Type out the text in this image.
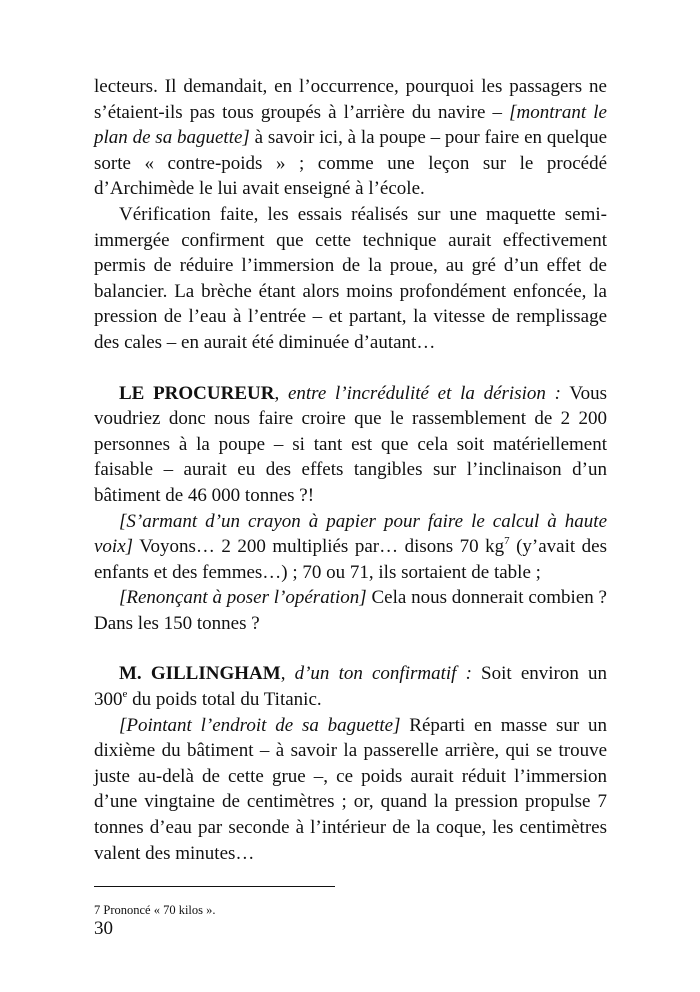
lecteurs. Il demandait, en l’occurrence, pourquoi les passagers ne s’étaient-ils pas tous groupés à l’arrière du navire – [montrant le plan de sa baguette] à savoir ici, à la poupe – pour faire en quelque sorte « contre-poids » ; comme une leçon sur le procédé d’Archimède le lui avait enseigné à l’école.

Vérification faite, les essais réalisés sur une maquette semi-immergée confirment que cette technique aurait effectivement permis de réduire l’immersion de la proue, au gré d’un effet de balancier. La brèche étant alors moins profondément enfoncée, la pression de l’eau à l’entrée – et partant, la vitesse de remplissage des cales – en aurait été diminuée d’autant…

LE PROCUREUR, entre l’incrédulité et la dérision : Vous voudriez donc nous faire croire que le rassemblement de 2 200 personnes à la poupe – si tant est que cela soit matériellement faisable – aurait eu des effets tangibles sur l’inclinaison d’un bâtiment de 46 000 tonnes ?!

[S’armant d’un crayon à papier pour faire le calcul à haute voix] Voyons… 2 200 multipliés par… disons 70 $kg^7$ (y’avait des enfants et des femmes…) ; 70 ou 71, ils sortaient de table ;

[Renonçant à poser l’opération] Cela nous donnerait combien ? Dans les 150 tonnes ?

M. GILLINGHAM, d’un ton confirmatif : Soit environ un 300e du poids total du Titanic.

[Pointant l’endroit de sa baguette] Réparti en masse sur un dixième du bâtiment – à savoir la passerelle arrière, qui se trouve juste au-delà de cette grue –, ce poids aurait réduit l’immersion d’une vingtaine de centimètres ; or, quand la pression propulse 7 tonnes d’eau par seconde à l’intérieur de la coque, les centimètres valent des minutes…

7 Prononcé « 70 kilos ».
30
